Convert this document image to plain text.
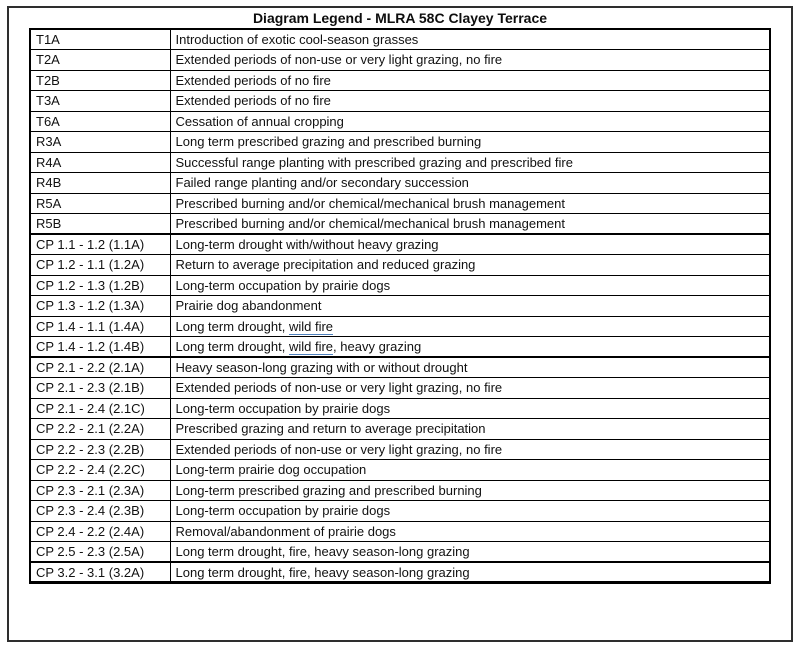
Diagram Legend - MLRA 58C Clayey Terrace
T1A	Introduction of exotic cool-season grasses
T2A	Extended periods of non-use or very light grazing, no fire
T2B	Extended periods of no fire
T3A	Extended periods of no fire
T6A	Cessation of annual cropping
R3A	Long term prescribed grazing and prescribed burning
R4A	Successful range planting with prescribed grazing and prescribed fire
R4B	Failed range planting and/or secondary succession
R5A	Prescribed burning and/or chemical/mechanical brush management
R5B	Prescribed burning and/or chemical/mechanical brush management
CP 1.1 - 1.2 (1.1A)	Long-term drought with/without heavy grazing
CP 1.2 - 1.1 (1.2A)	Return to average precipitation and reduced grazing
CP 1.2 - 1.3 (1.2B)	Long-term occupation by prairie dogs
CP 1.3 - 1.2 (1.3A)	Prairie dog abandonment
CP 1.4 - 1.1 (1.4A)	Long term drought, wild fire
CP 1.4 - 1.2 (1.4B)	Long term drought, wild fire, heavy grazing
CP 2.1 - 2.2 (2.1A)	Heavy season-long grazing with or without drought
CP 2.1 - 2.3 (2.1B)	Extended periods of non-use or very light grazing, no fire
CP 2.1 - 2.4 (2.1C)	Long-term occupation by prairie dogs
CP 2.2 - 2.1 (2.2A)	Prescribed grazing and return to average precipitation
CP 2.2 - 2.3 (2.2B)	Extended periods of non-use or very light grazing, no fire
CP 2.2 - 2.4 (2.2C)	Long-term prairie dog occupation
CP 2.3 - 2.1 (2.3A)	Long-term prescribed grazing and prescribed burning
CP 2.3 - 2.4 (2.3B)	Long-term occupation by prairie dogs
CP 2.4 - 2.2 (2.4A)	Removal/abandonment of prairie dogs
CP 2.5 - 2.3 (2.5A)	Long term drought, fire, heavy season-long grazing
CP 3.2 - 3.1 (3.2A)	Long term drought, fire, heavy season-long grazing
